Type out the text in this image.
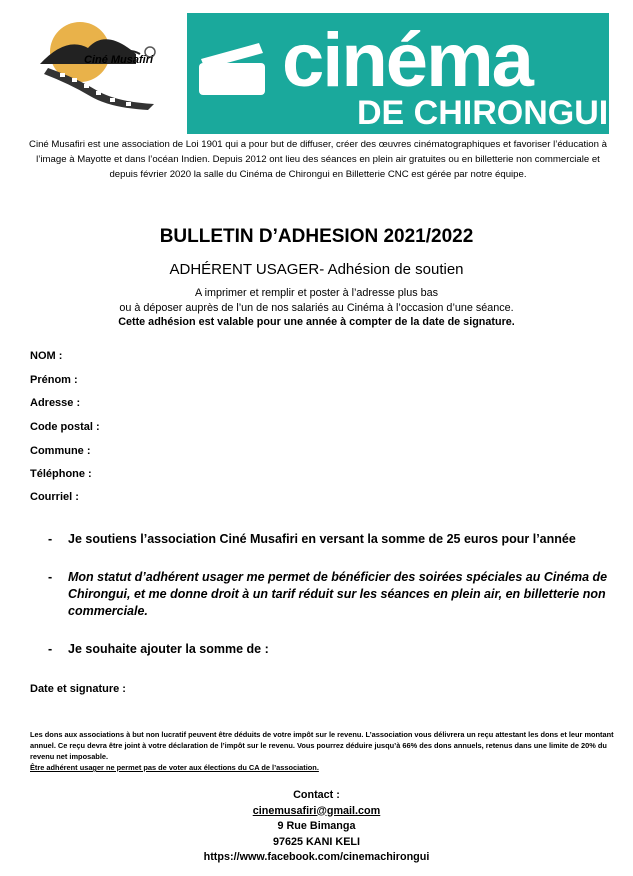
Ciné Musafiri cinéma
DE CHIRONGUI
Ciné Musafiri est une association de Loi 1901 qui a pour but de diffuser, créer des œuvres cinématographiques et favoriser l’éducation à l’image à Mayotte et dans l’océan Indien. Depuis 2012 ont lieu des séances en plein air gratuites ou en billetterie non commerciale et depuis février 2020 la salle du Cinéma de Chirongui en Billetterie CNC est gérée par notre équipe.
BULLETIN D’ADHESION 2021/2022
ADHÉRENT USAGER- Adhésion de soutien
A imprimer et remplir et poster à l’adresse plus bas
ou à déposer auprès de l’un de nos salariés au Cinéma à l’occasion d’une séance.
Cette adhésion est valable pour une année à compter de la date de signature.
NOM :
Prénom :
Adresse :
Code postal :
Commune :
Téléphone :
Courriel :
- Je soutiens l’association Ciné Musafiri en versant la somme de 25 euros pour l’année
- Mon statut d’adhérent usager me permet de bénéficier des soirées spéciales au Cinéma de Chirongui, et me donne droit à un tarif réduit sur les séances en plein air, en billetterie non commerciale.
- Je souhaite ajouter la somme de :
Date et signature :
Les dons aux associations à but non lucratif peuvent être déduits de votre impôt sur le revenu. L’association vous délivrera un reçu attestant les dons et leur montant annuel. Ce reçu devra être joint à votre déclaration de l’impôt sur le revenu. Vous pourrez déduire jusqu’à 66% des dons annuels, retenus dans une limite de 20% du revenu net imposable.
Être adhérent usager ne permet pas de voter aux élections du CA de l’association.
Contact :
cinemusafiri@gmail.com
9 Rue Bimanga
97625 KANI KELI
https://www.facebook.com/cinemachirongui
